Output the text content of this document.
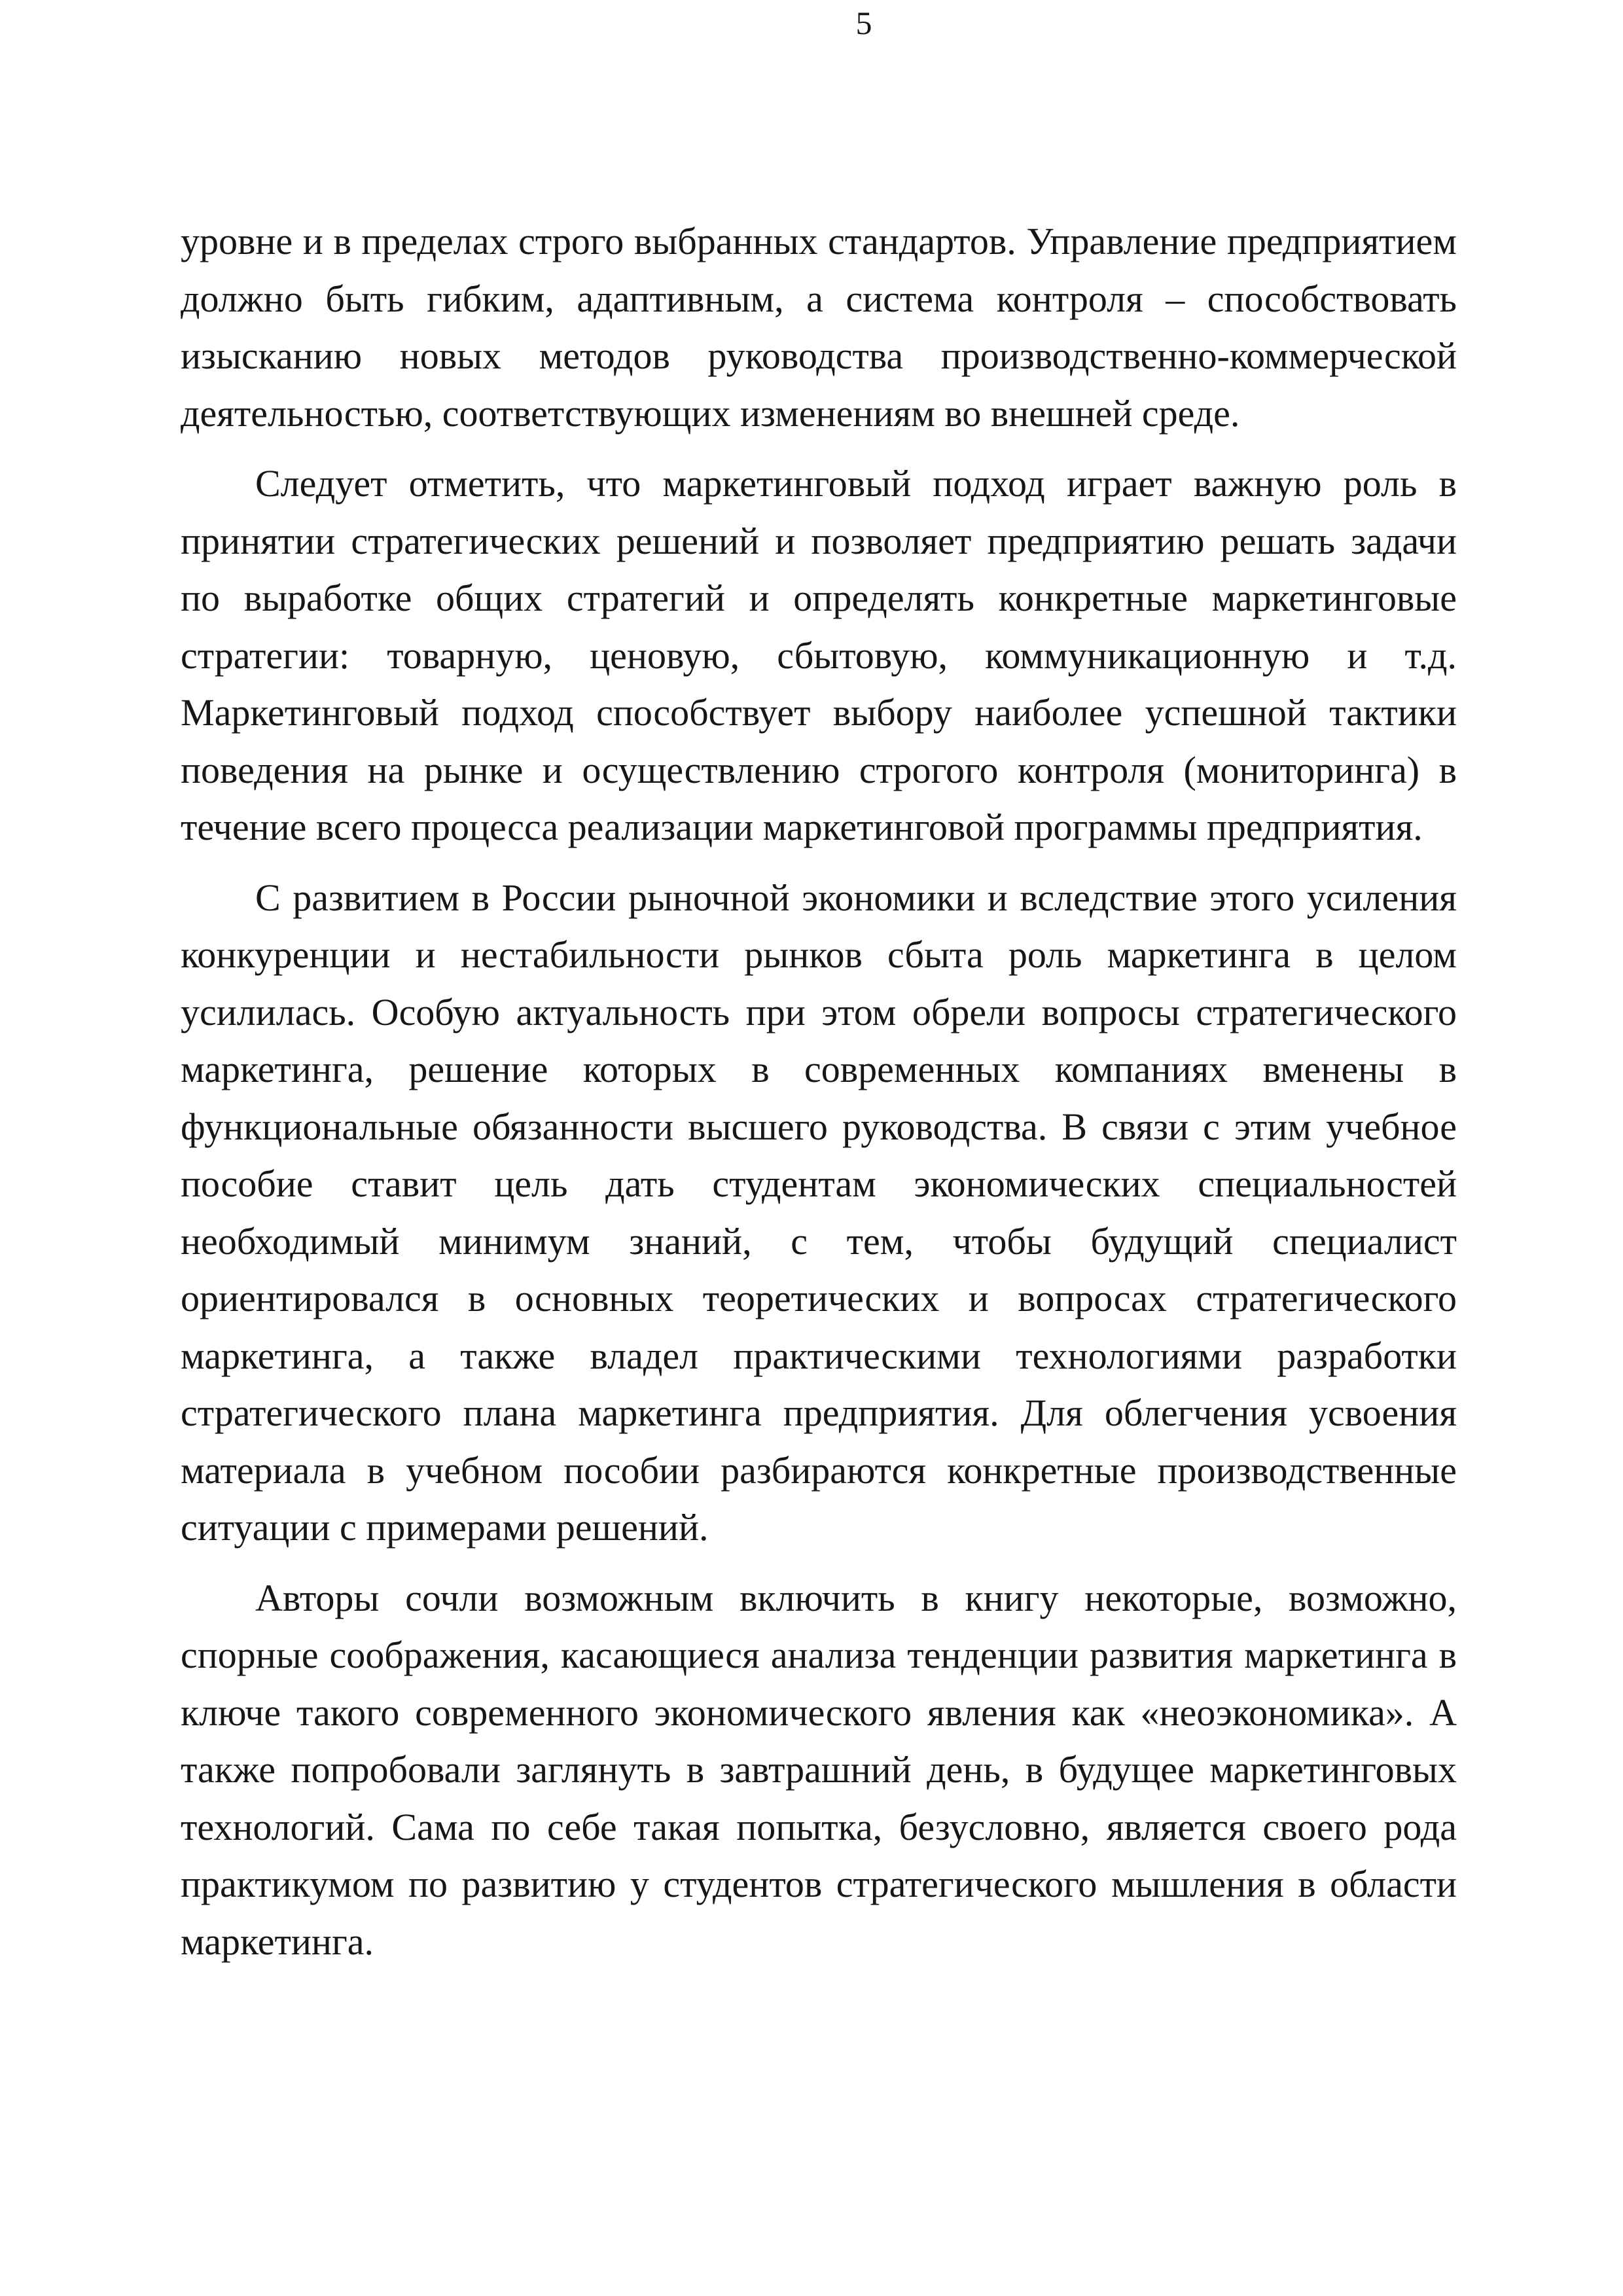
5

уровне и в пределах строго выбранных стандартов. Управление предприятием должно быть гибким, адаптивным, а система контроля – способствовать изысканию новых методов руководства производственно-коммерческой деятельностью, соответствующих изменениям во внешней среде.

Следует отметить, что маркетинговый подход играет важную роль в принятии стратегических решений и позволяет предприятию решать задачи по выработке общих стратегий и определять конкретные маркетинговые стратегии: товарную, ценовую, сбытовую, коммуникационную и т.д. Маркетинговый подход способствует выбору наиболее успешной тактики поведения на рынке и осуществлению строгого контроля (мониторинга) в течение всего процесса реализации маркетинговой программы предприятия.

С развитием в России рыночной экономики и вследствие этого усиления конкуренции и нестабильности рынков сбыта роль маркетинга в целом усилилась. Особую актуальность при этом обрели вопросы стратегического маркетинга, решение которых в современных компаниях вменены в функциональные обязанности высшего руководства. В связи с этим учебное пособие ставит цель дать студентам экономических специальностей необходимый минимум знаний, с тем, чтобы будущий специалист ориентировался в основных теоретических и вопросах стратегического маркетинга, а также владел практическими технологиями разработки стратегического плана маркетинга предприятия. Для облегчения усвоения материала в учебном пособии разбираются конкретные производственные ситуации с примерами решений.

Авторы сочли возможным включить в книгу некоторые, возможно, спорные соображения, касающиеся анализа тенденции развития маркетинга в ключе такого современного экономического явления как «неоэкономика». А также попробовали заглянуть в завтрашний день, в будущее маркетинговых технологий. Сама по себе такая попытка, безусловно, является своего рода практикумом по развитию у студентов стратегического мышления в области маркетинга.
